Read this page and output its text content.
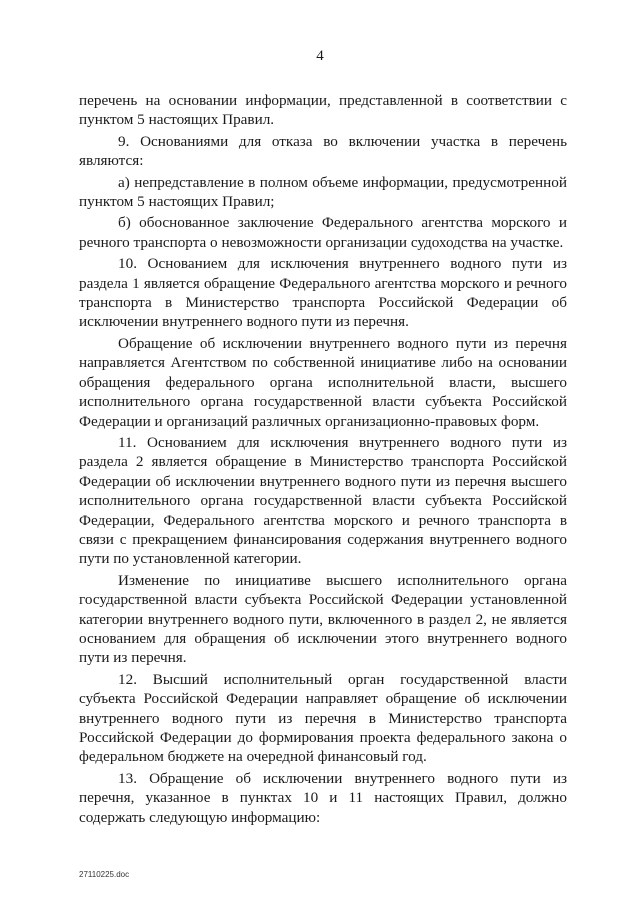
4

перечень на основании информации, представленной в соответствии с пунктом 5 настоящих Правил.

9. Основаниями для отказа во включении участка в перечень являются:

а) непредставление в полном объеме информации, предусмотренной пунктом 5 настоящих Правил;

б) обоснованное заключение Федерального агентства морского и речного транспорта о невозможности организации судоходства на участке.

10. Основанием для исключения внутреннего водного пути из раздела 1 является обращение Федерального агентства морского и речного транспорта в Министерство транспорта Российской Федерации об исключении внутреннего водного пути из перечня.

Обращение об исключении внутреннего водного пути из перечня направляется Агентством по собственной инициативе либо на основании обращения федерального органа исполнительной власти, высшего исполнительного органа государственной власти субъекта Российской Федерации и организаций различных организационно-правовых форм.

11. Основанием для исключения внутреннего водного пути из раздела 2 является обращение в Министерство транспорта Российской Федерации об исключении внутреннего водного пути из перечня высшего исполнительного органа государственной власти субъекта Российской Федерации, Федерального агентства морского и речного транспорта в связи с прекращением финансирования содержания внутреннего водного пути по установленной категории.

Изменение по инициативе высшего исполнительного органа государственной власти субъекта Российской Федерации установленной категории внутреннего водного пути, включенного в раздел 2, не является основанием для обращения об исключении этого внутреннего водного пути из перечня.

12. Высший исполнительный орган государственной власти субъекта Российской Федерации направляет обращение об исключении внутреннего водного пути из перечня в Министерство транспорта Российской Федерации до формирования проекта федерального закона о федеральном бюджете на очередной финансовый год.

13. Обращение об исключении внутреннего водного пути из перечня, указанное в пунктах 10 и 11 настоящих Правил, должно содержать следующую информацию:

27110225.doc
